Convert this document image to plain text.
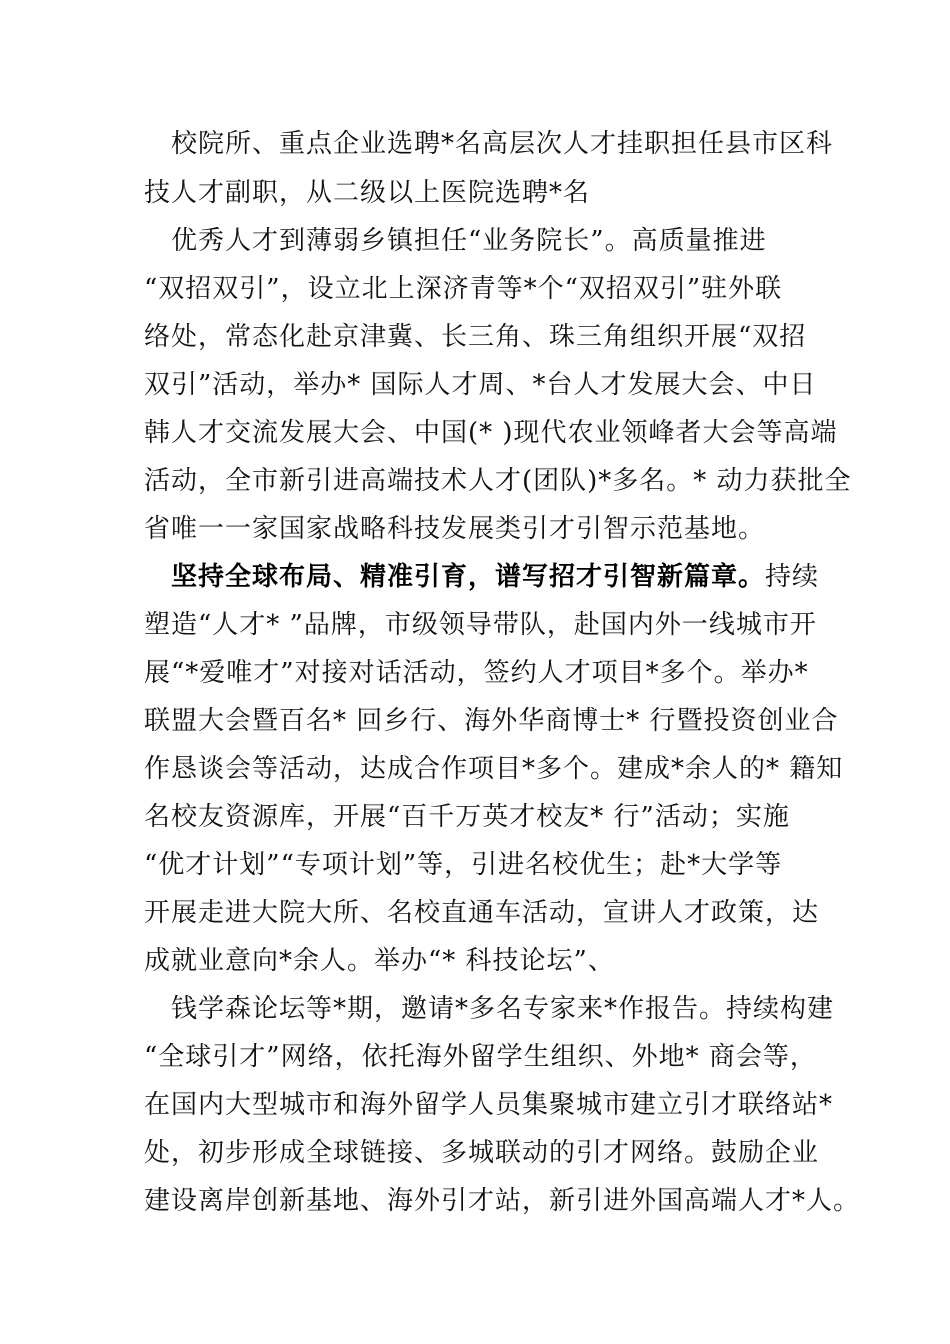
　校院所、重点企业选聘*名高层次人才挂职担任县市区科
技人才副职，从二级以上医院选聘*名
　优秀人才到薄弱乡镇担任“业务院长”。高质量推进
“双招双引”，设立北上深济青等*个“双招双引”驻外联
络处，常态化赴京津冀、长三角、珠三角组织开展“双招
双引”活动，举办* 国际人才周、*台人才发展大会、中日
韩人才交流发展大会、中国(* )现代农业领峰者大会等高端
活动，全市新引进高端技术人才(团队)*多名。* 动力获批全
省唯一一家国家战略科技发展类引才引智示范基地。
　坚持全球布局、精准引育，谱写招才引智新篇章。持续
塑造“人才* ”品牌，市级领导带队，赴国内外一线城市开
展“*爱唯才”对接对话活动，签约人才项目*多个。举办*
联盟大会暨百名* 回乡行、海外华商博士* 行暨投资创业合
作恳谈会等活动，达成合作项目*多个。建成*余人的* 籍知
名校友资源库，开展“百千万英才校友* 行”活动；实施
“优才计划”“专项计划”等，引进名校优生；赴*大学等
开展走进大院大所、名校直通车活动，宣讲人才政策，达
成就业意向*余人。举办“* 科技论坛”、
　钱学森论坛等*期，邀请*多名专家来*作报告。持续构建
“全球引才”网络，依托海外留学生组织、外地* 商会等，
在国内大型城市和海外留学人员集聚城市建立引才联络站*
处，初步形成全球链接、多城联动的引才网络。鼓励企业
建设离岸创新基地、海外引才站，新引进外国高端人才*人。
